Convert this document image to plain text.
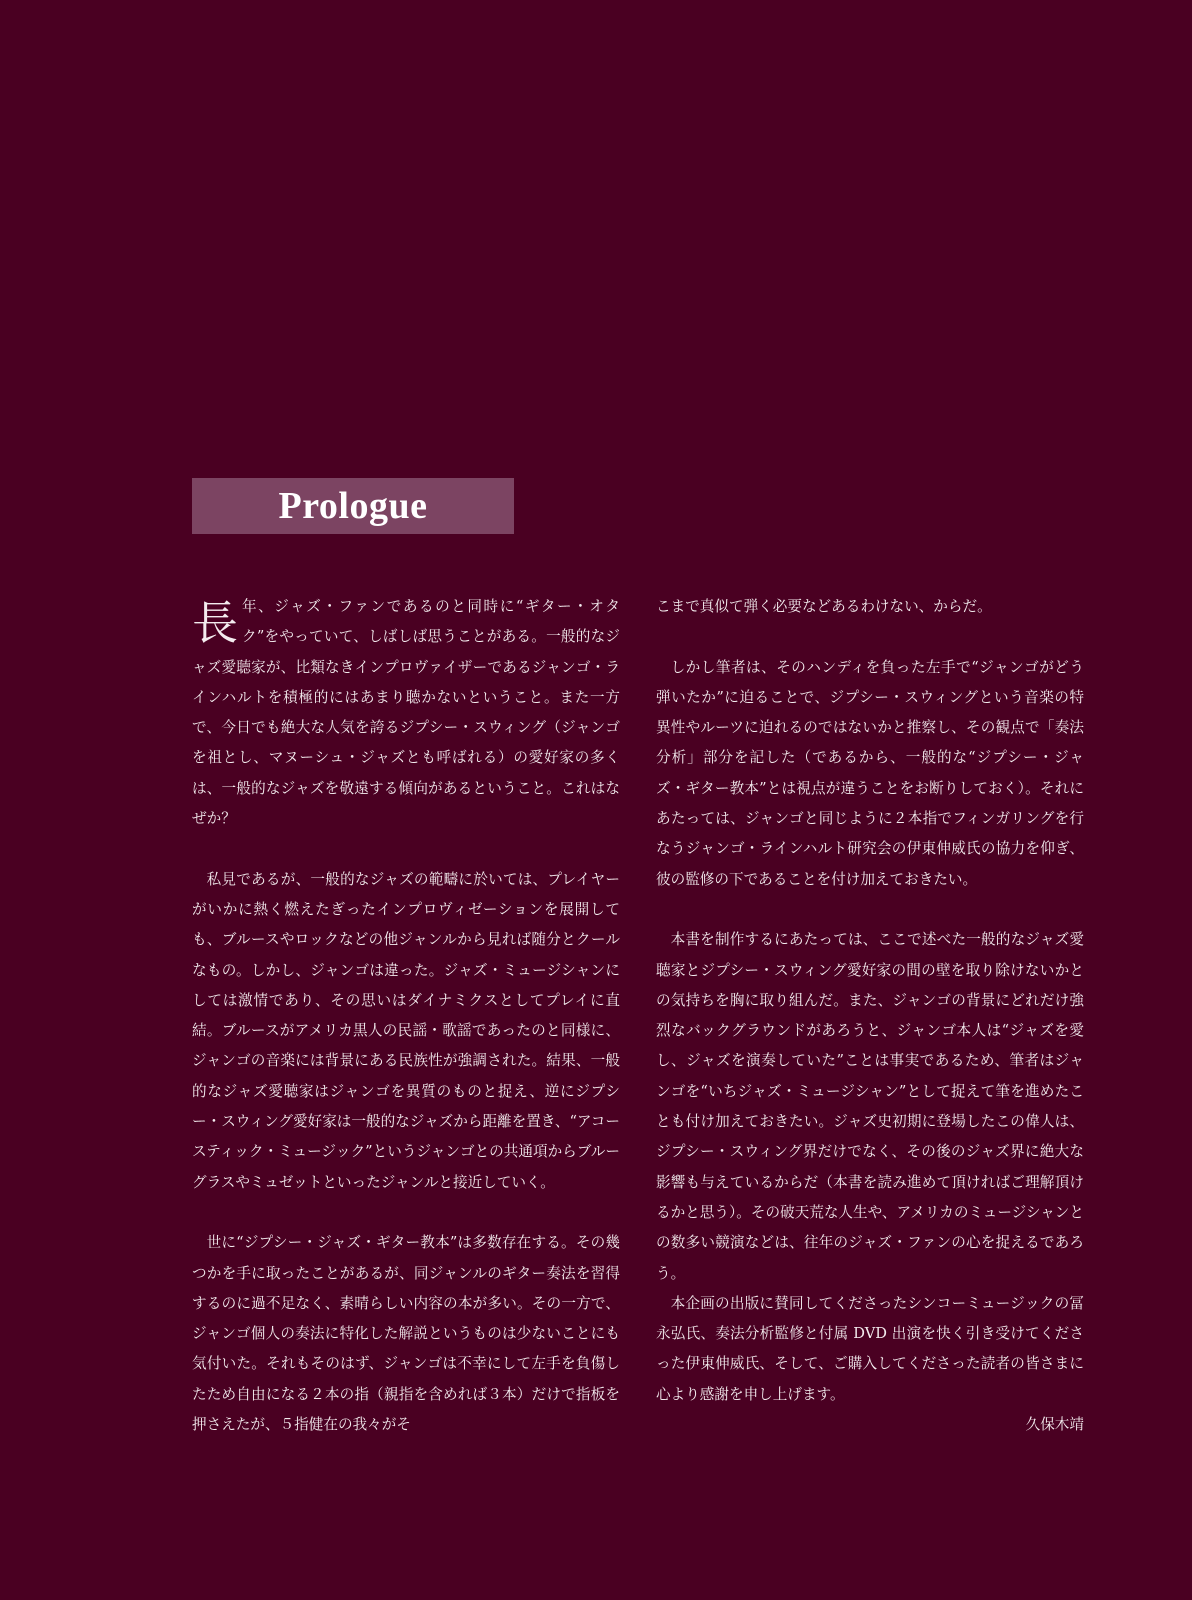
Prologue

長年、ジャズ・ファンであるのと同時に“ギター・オタク”をやっていて、しばしば思うことがある。一般的なジャズ愛聴家が、比類なきインプロヴァイザーであるジャンゴ・ラインハルトを積極的にはあまり聴かないということ。また一方で、今日でも絶大な人気を誇るジプシー・スウィング（ジャンゴを祖とし、マヌーシュ・ジャズとも呼ばれる）の愛好家の多くは、一般的なジャズを敬遠する傾向があるということ。これはなぜか？

私見であるが、一般的なジャズの範疇に於いては、プレイヤーがいかに熱く燃えたぎったインプロヴィゼーションを展開しても、ブルースやロックなどの他ジャンルから見れば随分とクールなもの。しかし、ジャンゴは違った。ジャズ・ミュージシャンにしては激情であり、その思いはダイナミクスとしてプレイに直結。ブルースがアメリカ黒人の民謡・歌謡であったのと同様に、ジャンゴの音楽には背景にある民族性が強調された。結果、一般的なジャズ愛聴家はジャンゴを異質のものと捉え、逆にジプシー・スウィング愛好家は一般的なジャズから距離を置き、“アコースティック・ミュージック”というジャンゴとの共通項からブルーグラスやミュゼットといったジャンルと接近していく。

世に“ジプシー・ジャズ・ギター教本”は多数存在する。その幾つかを手に取ったことがあるが、同ジャンルのギター奏法を習得するのに過不足なく、素晴らしい内容の本が多い。その一方で、ジャンゴ個人の奏法に特化した解説というものは少ないことにも気付いた。それもそのはず、ジャンゴは不幸にして左手を負傷したため自由になる２本の指（親指を含めれば３本）だけで指板を押さえたが、５指健在の我々がそ

こまで真似て弾く必要などあるわけない、からだ。

しかし筆者は、そのハンディを負った左手で“ジャンゴがどう弾いたか”に迫ることで、ジプシー・スウィングという音楽の特異性やルーツに迫れるのではないかと推察し、その観点で「奏法分析」部分を記した（であるから、一般的な“ジプシー・ジャズ・ギター教本”とは視点が違うことをお断りしておく）。それにあたっては、ジャンゴと同じように２本指でフィンガリングを行なうジャンゴ・ラインハルト研究会の伊東伸威氏の協力を仰ぎ、彼の監修の下であることを付け加えておきたい。

本書を制作するにあたっては、ここで述べた一般的なジャズ愛聴家とジプシー・スウィング愛好家の間の壁を取り除けないかとの気持ちを胸に取り組んだ。また、ジャンゴの背景にどれだけ強烈なバックグラウンドがあろうと、ジャンゴ本人は“ジャズを愛し、ジャズを演奏していた”ことは事実であるため、筆者はジャンゴを“いちジャズ・ミュージシャン”として捉えて筆を進めたことも付け加えておきたい。ジャズ史初期に登場したこの偉人は、ジプシー・スウィング界だけでなく、その後のジャズ界に絶大な影響も与えているからだ（本書を読み進めて頂ければご理解頂けるかと思う）。その破天荒な人生や、アメリカのミュージシャンとの数多い競演などは、往年のジャズ・ファンの心を捉えるであろう。

本企画の出版に賛同してくださったシンコーミュージックの冨永弘氏、奏法分析監修と付属 DVD 出演を快く引き受けてくださった伊東伸威氏、そして、ご購入してくださった読者の皆さまに心より感謝を申し上げます。

久保木靖
